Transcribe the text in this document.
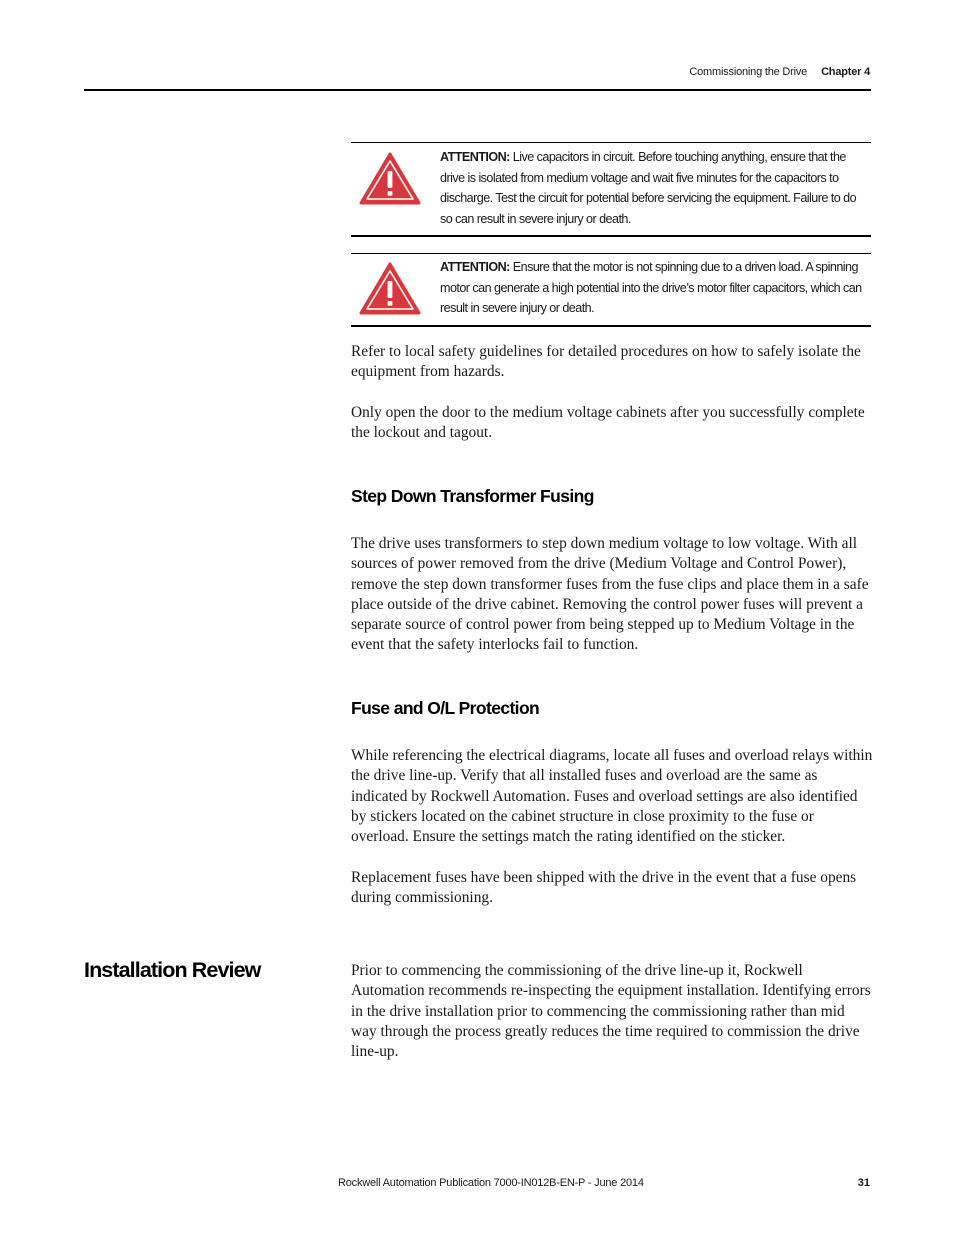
Commissioning the Drive Chapter 4
ATTENTION: Live capacitors in circuit. Before touching anything, ensure that the drive is isolated from medium voltage and wait five minutes for the capacitors to discharge. Test the circuit for potential before servicing the equipment. Failure to do so can result in severe injury or death.
ATTENTION: Ensure that the motor is not spinning due to a driven load. A spinning motor can generate a high potential into the drive’s motor filter capacitors, which can result in severe injury or death.

Refer to local safety guidelines for detailed procedures on how to safely isolate the equipment from hazards.

Only open the door to the medium voltage cabinets after you successfully complete the lockout and tagout.

Step Down Transformer Fusing

The drive uses transformers to step down medium voltage to low voltage. With all sources of power removed from the drive (Medium Voltage and Control Power), remove the step down transformer fuses from the fuse clips and place them in a safe place outside of the drive cabinet. Removing the control power fuses will prevent a separate source of control power from being stepped up to Medium Voltage in the event that the safety interlocks fail to function.

Fuse and O/L Protection

While referencing the electrical diagrams, locate all fuses and overload relays within the drive line-up. Verify that all installed fuses and overload are the same as indicated by Rockwell Automation. Fuses and overload settings are also identified by stickers located on the cabinet structure in close proximity to the fuse or overload. Ensure the settings match the rating identified on the sticker.

Replacement fuses have been shipped with the drive in the event that a fuse opens during commissioning.

Installation Review	Prior to commencing the commissioning of the drive line-up it, Rockwell Automation recommends re-inspecting the equipment installation. Identifying errors in the drive installation prior to commencing the commissioning rather than mid way through the process greatly reduces the time required to commission the drive line-up.

Rockwell Automation Publication 7000-IN012B-EN-P - June 2014	31
